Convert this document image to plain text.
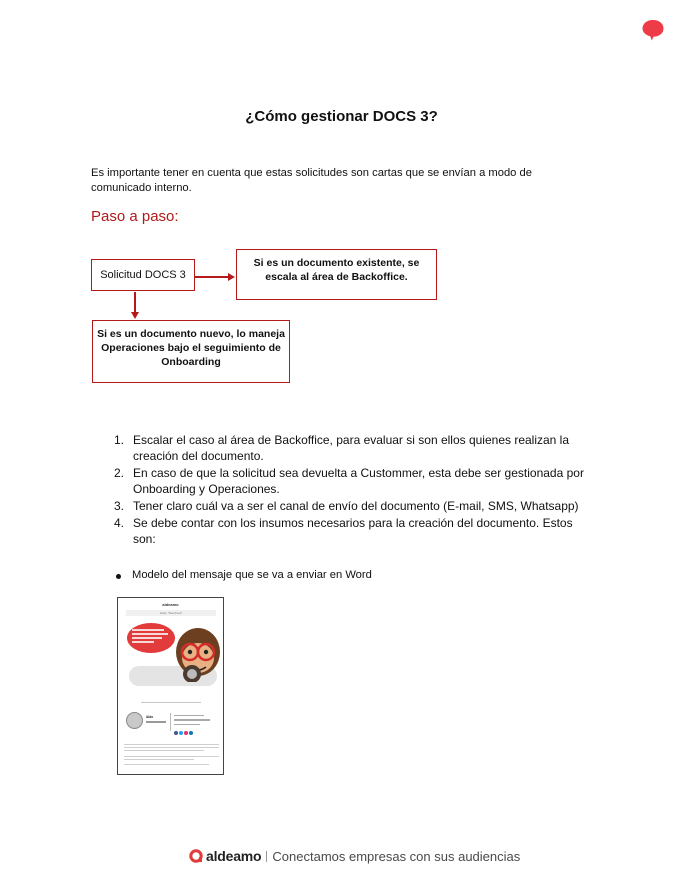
¿Cómo gestionar DOCS 3?
Es importante tener en cuenta que estas solicitudes son cartas que se envían a modo de comunicado interno.
Paso a paso:
Solicitud DOCS 3
Si es un documento existente, se escala al área de Backoffice.
Si es un documento nuevo, lo maneja Operaciones bajo el seguimiento de Onboarding
1. Escalar el caso al área de Backoffice, para evaluar si son ellos quienes realizan la creación del documento.
2. En caso de que la solicitud sea devuelta a Custommer, esta debe ser gestionada por Onboarding y Operaciones.
3. Tener claro cuál va a ser el canal de envío del documento (E-mail, SMS, Whatsapp)
4. Se debe contar con los insumos necesarios para la creación del documento. Estos son:
Modelo del mensaje que se va a enviar en Word
aldeamo
Hola, *Nombre1*
Aldo
aldeamo Conectamos empresas con sus audiencias
